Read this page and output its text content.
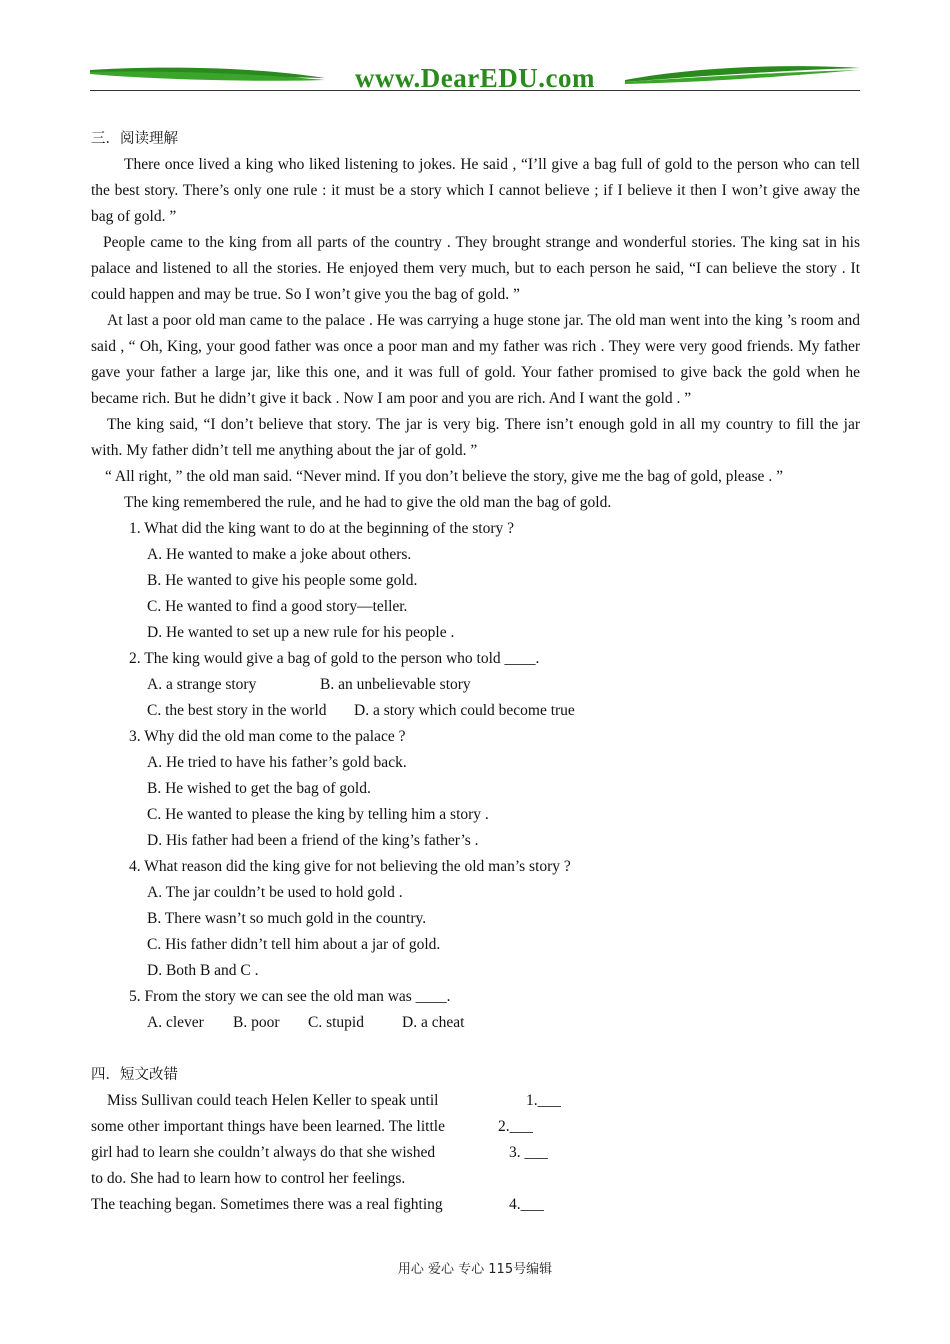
www.DearEDU.com

三．阅读理解

There once lived a king who liked listening to jokes. He said , “I’ll give a bag full of gold to the person who can tell the best story. There’s only one rule : it must be a story which I cannot believe ; if I believe it then I won’t give away the bag of gold. ”

People came to the king from all parts of the country . They brought strange and wonderful stories. The king sat in his palace and listened to all the stories. He enjoyed them very much, but to each person he said, “I can believe the story . It could happen and may be true. So I won’t give you the bag of gold. ”

At last a poor old man came to the palace . He was carrying a huge stone jar. The old man went into the king ’s room and said , “ Oh, King, your good father was once a poor man and my father was rich . They were very good friends. My father gave your father a large jar, like this one, and it was full of gold. Your father promised to give back the gold when he became rich. But he didn’t give it back . Now I am poor and you are rich. And I want the gold . ”

The king said, “I don’t believe that story. The jar is very big. There isn’t enough gold in all my country to fill the jar with. My father didn’t tell me anything about the jar of gold. ”

“ All right, ” the old man said. “Never mind. If you don’t believe the story, give me the bag of gold, please . ”

The king remembered the rule, and he had to give the old man the bag of gold.

1. What did the king want to do at the beginning of the story ?

A. He wanted to make a joke about others.

B. He wanted to give his people some gold.

C. He wanted to find a good story—teller.

D. He wanted to set up a new rule for his people .

2. The king would give a bag of gold to the person who told ____.

A. a strange story	B. an unbelievable story

C. the best story in the world D. a story which could become true

3. Why did the old man come to the palace ?

A. He tried to have his father’s gold back.

B. He wished to get the bag of gold.

C. He wanted to please the king by telling him a story .

D. His father had been a friend of the king’s father’s .

4. What reason did the king give for not believing the old man’s story ?

A. The jar couldn’t be used to hold gold .

B. There wasn’t so much gold in the country.

C. His father didn’t tell him about a jar of gold.

D. Both B and C .

5. From the story we can see the old man was ____.

A. clever B. poor C. stupid D. a cheat

四．短文改错

Miss Sullivan could teach Helen Keller to speak until	1.___
some other important things have been learned. The little	2.___
girl had to learn she couldn’t always do that she wished	3. ___
to do. She had to learn how to control her feelings.
The teaching began. Sometimes there was a real fighting	4.___
用心 爱心 专心 115号编辑
